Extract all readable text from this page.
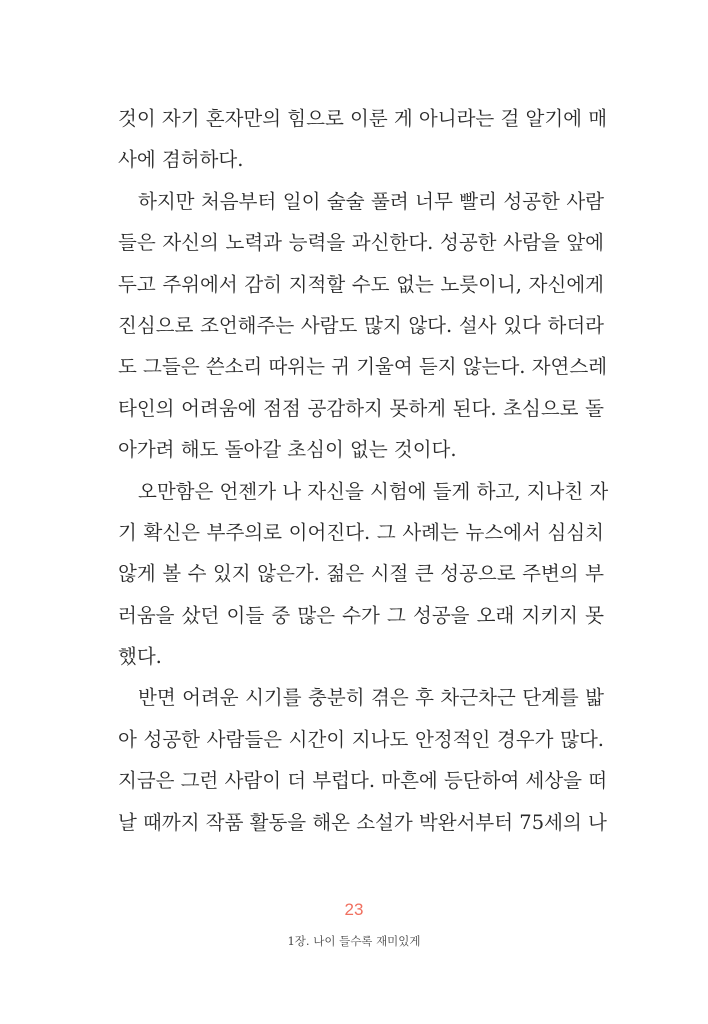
것이 자기 혼자만의 힘으로 이룬 게 아니라는 걸 알기에 매
사에 겸허하다.
하지만 처음부터 일이 술술 풀려 너무 빨리 성공한 사람
들은 자신의 노력과 능력을 과신한다. 성공한 사람을 앞에
두고 주위에서 감히 지적할 수도 없는 노릇이니, 자신에게
진심으로 조언해주는 사람도 많지 않다. 설사 있다 하더라
도 그들은 쓴소리 따위는 귀 기울여 듣지 않는다. 자연스레
타인의 어려움에 점점 공감하지 못하게 된다. 초심으로 돌
아가려 해도 돌아갈 초심이 없는 것이다.
오만함은 언젠가 나 자신을 시험에 들게 하고, 지나친 자
기 확신은 부주의로 이어진다. 그 사례는 뉴스에서 심심치
않게 볼 수 있지 않은가. 젊은 시절 큰 성공으로 주변의 부
러움을 샀던 이들 중 많은 수가 그 성공을 오래 지키지 못
했다.
반면 어려운 시기를 충분히 겪은 후 차근차근 단계를 밟
아 성공한 사람들은 시간이 지나도 안정적인 경우가 많다.
지금은 그런 사람이 더 부럽다. 마흔에 등단하여 세상을 떠
날 때까지 작품 활동을 해온 소설가 박완서부터 75세의 나
23
1장. 나이 들수록 재미있게
